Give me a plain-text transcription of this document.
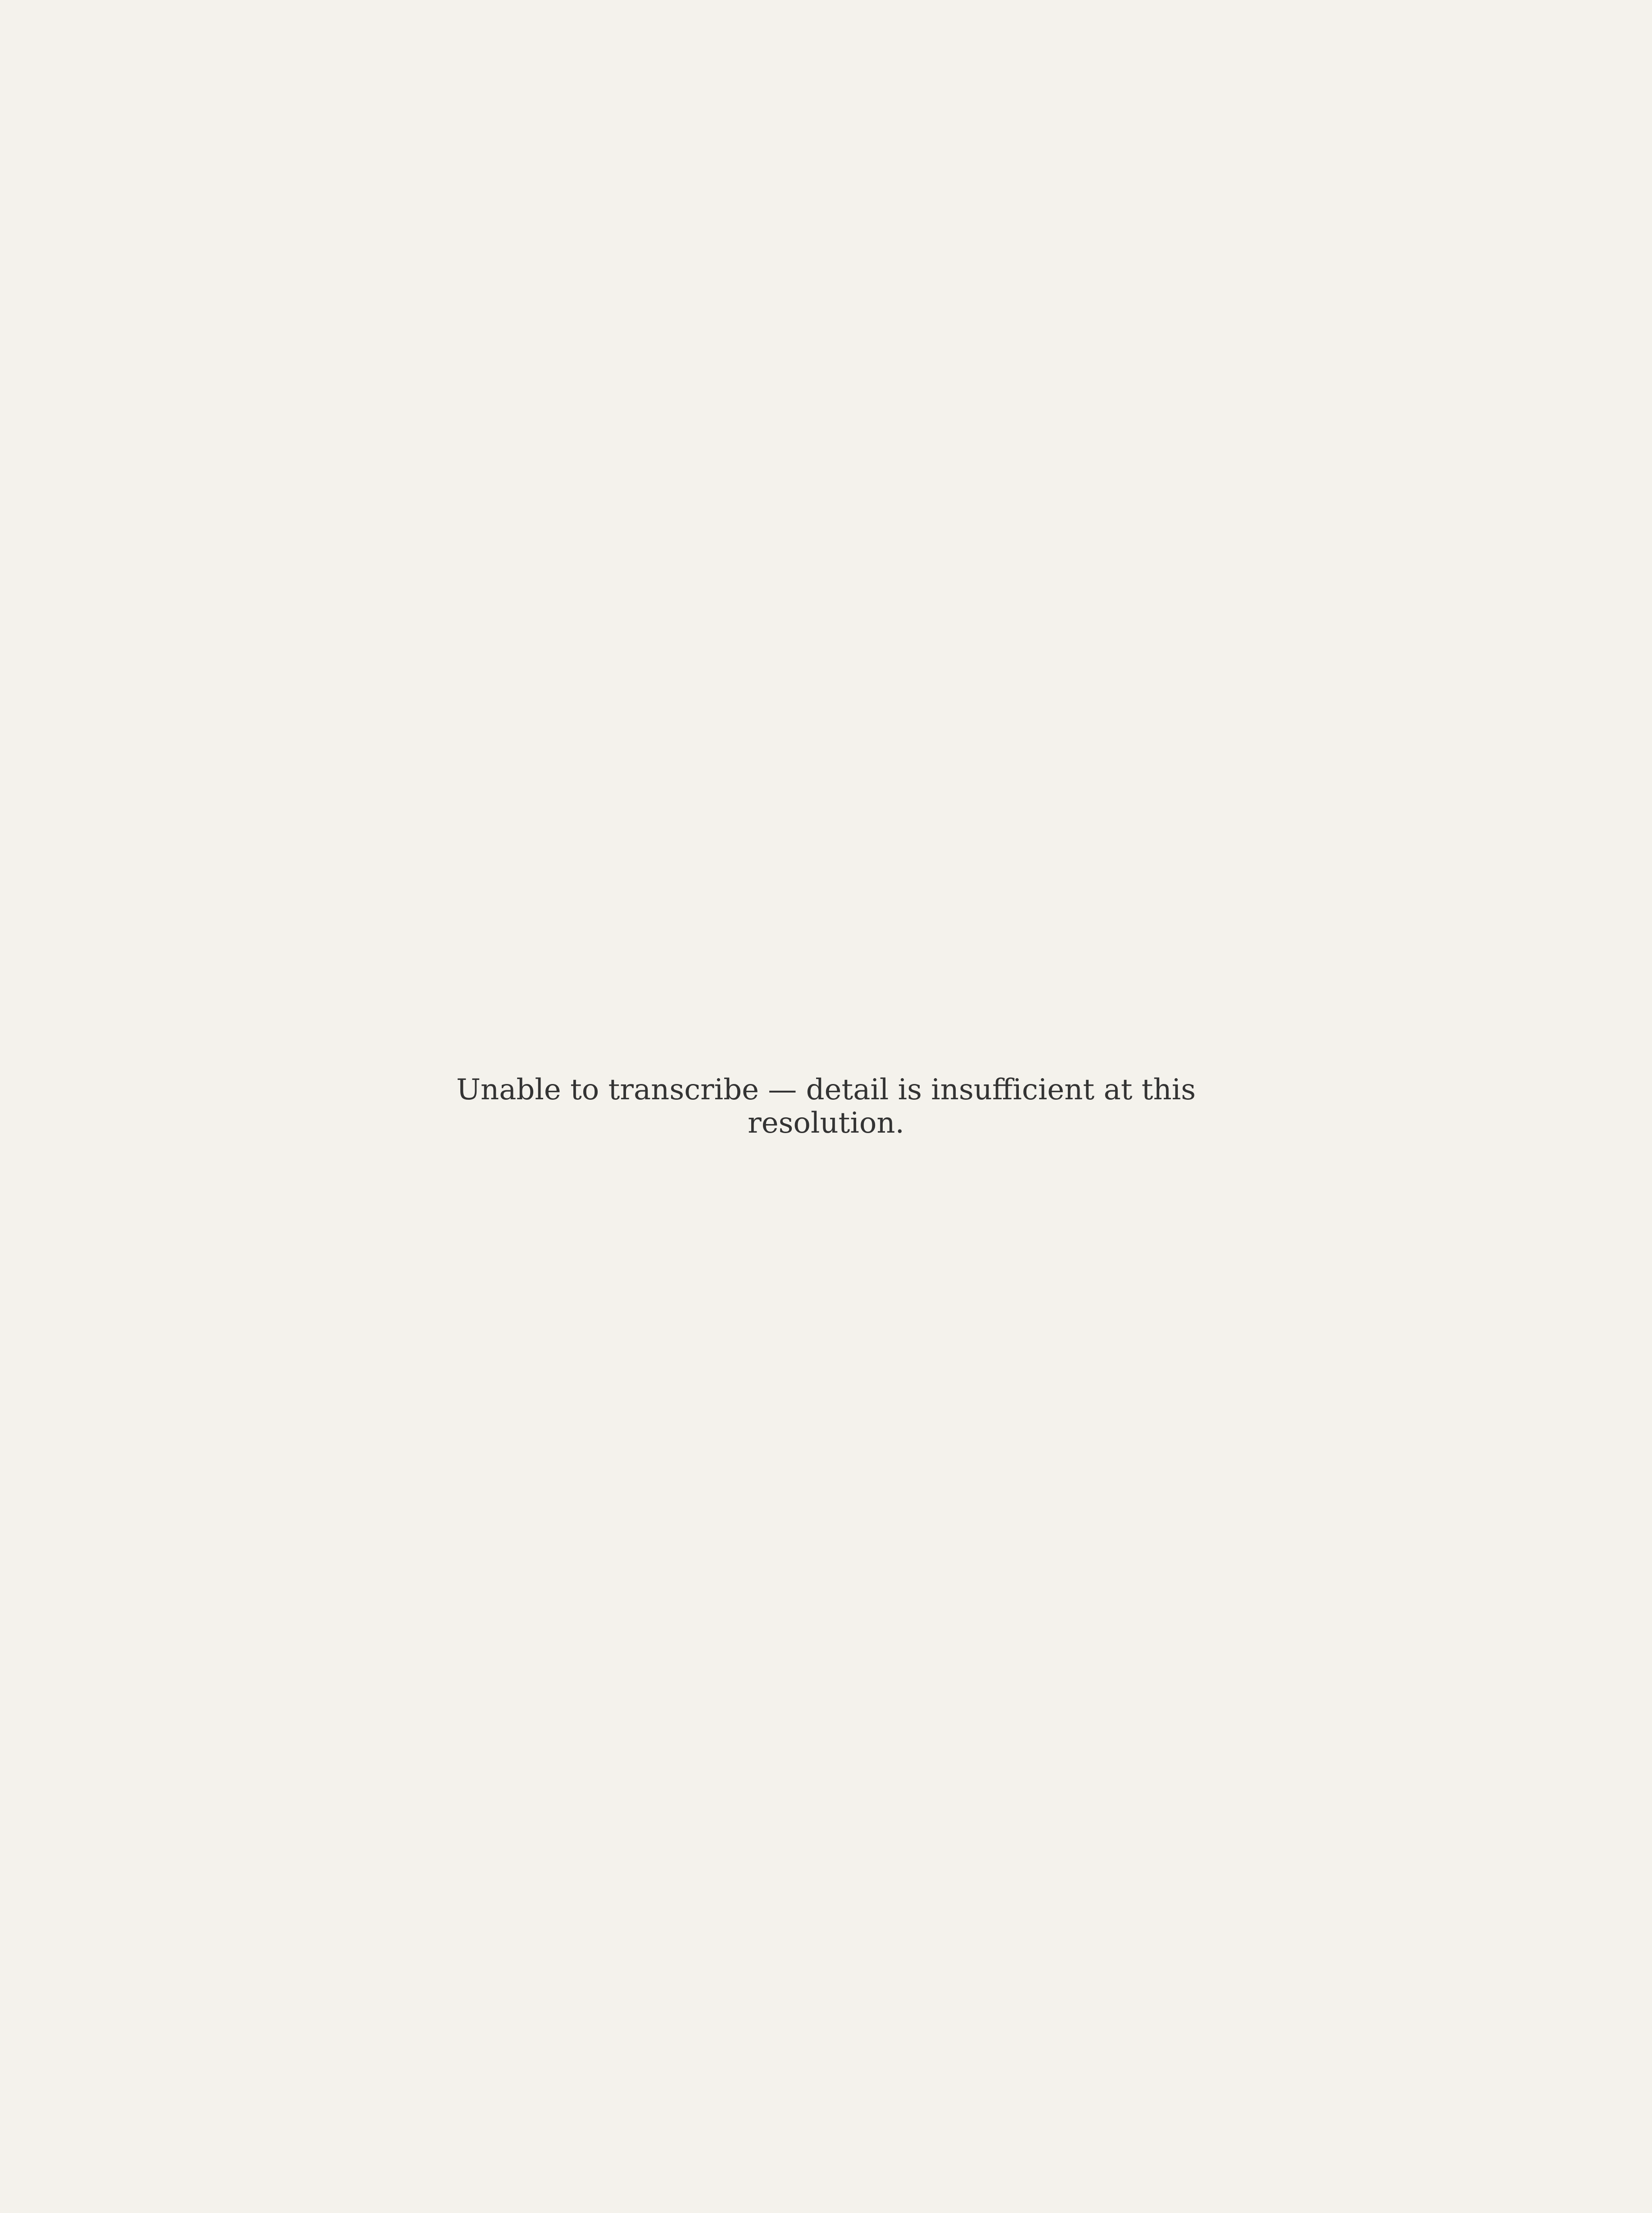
Unable to transcribe — detail is insufficient at this resolution.
